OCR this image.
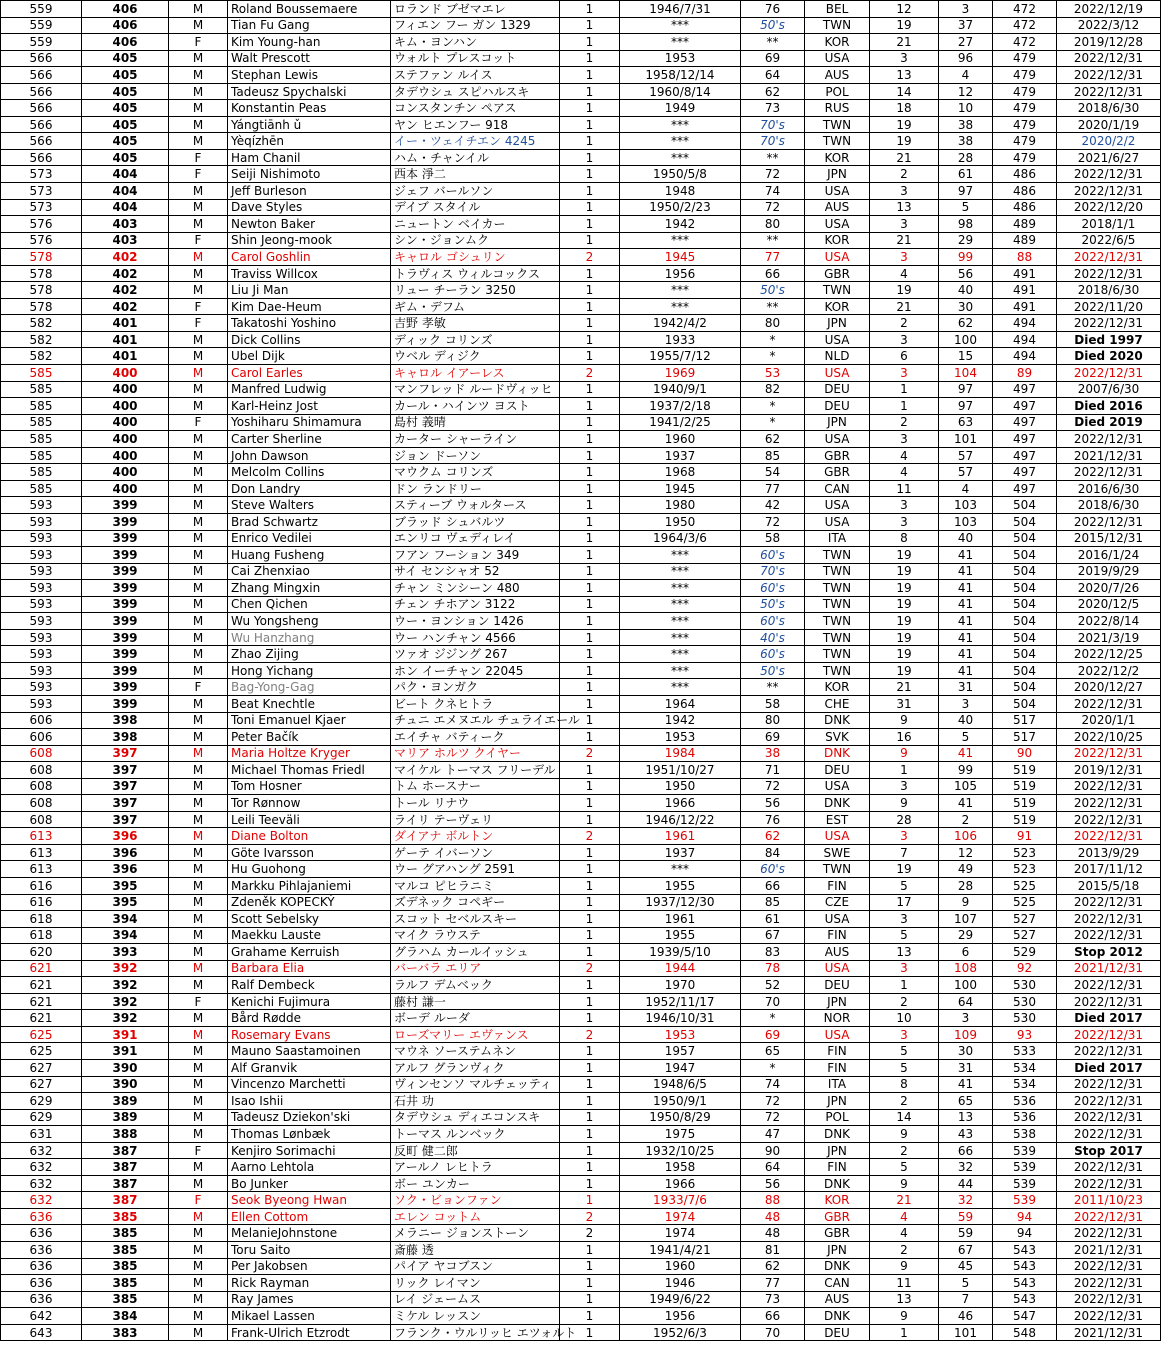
559	406	M	Roland Boussemaere	ロランド ブゼマエレ	1	1946/7/31	76	BEL	12	3	472	2022/12/19
559	406	M	Tian Fu Gang	フィエン フー ガン 1329	1	***	50's	TWN	19	37	472	2022/3/12
559	406	F	Kim Young-han	キム・ヨンハン	1	***	**	KOR	21	27	472	2019/12/28
566	405	M	Walt Prescott	ウォルト プレスコット	1	1953	69	USA	3	96	479	2022/12/31
566	405	M	Stephan Lewis	ステファン ルイス	1	1958/12/14	64	AUS	13	4	479	2022/12/31
566	405	M	Tadeusz Spychalski	タデウシュ スピハルスキ	1	1960/8/14	62	POL	14	12	479	2022/12/31
566	405	M	Konstantin Peas	コンスタンチン ペアス	1	1949	73	RUS	18	10	479	2018/6/30
566	405	M	Yángtiānh ǔ	ヤン ヒエンフー 918	1	***	70's	TWN	19	38	479	2020/1/19
566	405	M	Yèqízhēn	イー・ツェイチエン 4245	1	***	70's	TWN	19	38	479	2020/2/2
566	405	F	Ham Chanil	ハム・チャンイル	1	***	**	KOR	21	28	479	2021/6/27
573	404	F	Seiji Nishimoto	西本 淨二	1	1950/5/8	72	JPN	2	61	486	2022/12/31
573	404	M	Jeff Burleson	ジェフ バールソン	1	1948	74	USA	3	97	486	2022/12/31
573	404	M	Dave Styles	デイブ スタイル	1	1950/2/23	72	AUS	13	5	486	2022/12/20
576	403	M	Newton Baker	ニュートン ベイカー	1	1942	80	USA	3	98	489	2018/1/1
576	403	F	Shin Jeong-mook	シン・ジョンムク	1	***	**	KOR	21	29	489	2022/6/5
578	402	M	Carol Goshlin	キャロル ゴシュリン	2	1945	77	USA	3	99	88	2022/12/31
578	402	M	Traviss Willcox	トラヴィス ウィルコックス	1	1956	66	GBR	4	56	491	2022/12/31
578	402	M	Liu Ji Man	リュー チーラン 3250	1	***	50's	TWN	19	40	491	2018/6/30
578	402	F	Kim Dae-Heum	ギム・デフム	1	***	**	KOR	21	30	491	2022/11/20
582	401	F	Takatoshi Yoshino	吉野 孝敏	1	1942/4/2	80	JPN	2	62	494	2022/12/31
582	401	M	Dick Collins	ディック コリンズ	1	1933	*	USA	3	100	494	Died 1997
582	401	M	Ubel Dijk	ウベル ディジク	1	1955/7/12	*	NLD	6	15	494	Died 2020
585	400	M	Carol Earles	キャロル イアーレス	2	1969	53	USA	3	104	89	2022/12/31
585	400	M	Manfred Ludwig	マンフレッド ルードヴィッヒ	1	1940/9/1	82	DEU	1	97	497	2007/6/30
585	400	M	Karl-Heinz Jost	カール・ハインツ ヨスト	1	1937/2/18	*	DEU	1	97	497	Died 2016
585	400	F	Yoshiharu Shimamura	島村 義晴	1	1941/2/25	*	JPN	2	63	497	Died 2019
585	400	M	Carter Sherline	カーター シャーライン	1	1960	62	USA	3	101	497	2022/12/31
585	400	M	John Dawson	ジョン ドーソン	1	1937	85	GBR	4	57	497	2021/12/31
585	400	M	Melcolm Collins	マウクム コリンズ	1	1968	54	GBR	4	57	497	2022/12/31
585	400	M	Don Landry	ドン ランドリー	1	1945	77	CAN	11	4	497	2016/6/30
593	399	M	Steve Walters	スティーブ ウォルタース	1	1980	42	USA	3	103	504	2018/6/30
593	399	M	Brad Schwartz	ブラッド シュバルツ	1	1950	72	USA	3	103	504	2022/12/31
593	399	M	Enrico Vedilei	エンリコ ヴェディレイ	1	1964/3/6	58	ITA	8	40	504	2015/12/31
593	399	M	Huang Fusheng	フアン フーション 349	1	***	60's	TWN	19	41	504	2016/1/24
593	399	M	Cai Zhenxiao	サイ センシャオ 52	1	***	70's	TWN	19	41	504	2019/9/29
593	399	M	Zhang Mingxin	チャン ミンシーン 480	1	***	60's	TWN	19	41	504	2020/7/26
593	399	M	Chen Qichen	チェン チホアン 3122	1	***	50's	TWN	19	41	504	2020/12/5
593	399	M	Wu Yongsheng	ウー・ヨンション 1426	1	***	60's	TWN	19	41	504	2022/8/14
593	399	M	Wu Hanzhang	ウー ハンチャン 4566	1	***	40's	TWN	19	41	504	2021/3/19
593	399	M	Zhao Zijing	ツァオ ジジング 267	1	***	60's	TWN	19	41	504	2022/12/25
593	399	M	Hong Yichang	ホン イーチャン 22045	1	***	50's	TWN	19	41	504	2022/12/2
593	399	F	Bag-Yong-Gag	パク・ヨンガク	1	***	**	KOR	21	31	504	2020/12/27
593	399	M	Beat Knechtle	ビート クネヒトラ	1	1964	58	CHE	31	3	504	2022/12/31
606	398	M	Toni Emanuel Kjaer	チュニ エメヌエル チュライエール	1	1942	80	DNK	9	40	517	2020/1/1
606	398	M	Peter Bačík	エイチャ バティーク	1	1953	69	SVK	16	5	517	2022/10/25
608	397	M	Maria Holtze Kryger	マリア ホルツ クイヤー	2	1984	38	DNK	9	41	90	2022/12/31
608	397	M	Michael Thomas Friedl	マイケル トーマス フリーデル	1	1951/10/27	71	DEU	1	99	519	2019/12/31
608	397	M	Tom Hosner	トム ホースナー	1	1950	72	USA	3	105	519	2022/12/31
608	397	M	Tor Rønnow	トール リナウ	1	1966	56	DNK	9	41	519	2022/12/31
608	397	M	Leili Teeväli	ライリ テーヴェリ	1	1946/12/22	76	EST	28	2	519	2022/12/31
613	396	M	Diane Bolton	ダイアナ ボルトン	2	1961	62	USA	3	106	91	2022/12/31
613	396	M	Göte Ivarsson	ゲーテ イバーソン	1	1937	84	SWE	7	12	523	2013/9/29
613	396	M	Hu Guohong	ウー グアハング 2591	1	***	60's	TWN	19	49	523	2017/11/12
616	395	M	Markku Pihlajaniemi	マルコ ピヒラニミ	1	1955	66	FIN	5	28	525	2015/5/18
616	395	M	Zdeněk KOPECKÝ	ズデネック コペギー	1	1937/12/30	85	CZE	17	9	525	2022/12/31
618	394	M	Scott Sebelsky	スコット セベルスキー	1	1961	61	USA	3	107	527	2022/12/31
618	394	M	Maekku Lauste	マイク ラウステ	1	1955	67	FIN	5	29	527	2022/12/31
620	393	M	Grahame Kerruish	グラハム カールイッシュ	1	1939/5/10	83	AUS	13	6	529	Stop 2012
621	392	M	Barbara Elia	バーバラ エリア	2	1944	78	USA	3	108	92	2021/12/31
621	392	M	Ralf Dembeck	ラルフ デムベック	1	1970	52	DEU	1	100	530	2022/12/31
621	392	F	Kenichi Fujimura	藤村 謙一	1	1952/11/17	70	JPN	2	64	530	2022/12/31
621	392	M	Bård Rødde	ボーデ ルーダ	1	1946/10/31	*	NOR	10	3	530	Died 2017
625	391	M	Rosemary Evans	ローズマリー エヴァンス	2	1953	69	USA	3	109	93	2022/12/31
625	391	M	Mauno Saastamoinen	マウネ ソーステムネン	1	1957	65	FIN	5	30	533	2022/12/31
627	390	M	Alf Granvik	アルフ グランヴィク	1	1947	*	FIN	5	31	534	Died 2017
627	390	M	Vincenzo Marchetti	ヴィンセンソ マルチェッティ	1	1948/6/5	74	ITA	8	41	534	2022/12/31
629	389	M	Isao Ishii	石井 功	1	1950/9/1	72	JPN	2	65	536	2022/12/31
629	389	M	Tadeusz Dziekon'ski	タデウシュ ディエコンスキ	1	1950/8/29	72	POL	14	13	536	2022/12/31
631	388	M	Thomas Lønbæk	トーマス ルンベック	1	1975	47	DNK	9	43	538	2022/12/31
632	387	F	Kenjiro Sorimachi	反町 健二郎	1	1932/10/25	90	JPN	2	66	539	Stop 2017
632	387	M	Aarno Lehtola	アールノ レヒトラ	1	1958	64	FIN	5	32	539	2022/12/31
632	387	M	Bo Junker	ボー ユンカー	1	1966	56	DNK	9	44	539	2022/12/31
632	387	F	Seok Byeong Hwan	ソク・ビョンファン	1	1933/7/6	88	KOR	21	32	539	2011/10/23
636	385	M	Ellen Cottom	エレン コットム	2	1974	48	GBR	4	59	94	2022/12/31
636	385	M	MelanieJohnstone	メラニー ジョンストーン	2	1974	48	GBR	4	59	94	2022/12/31
636	385	M	Toru Saito	斎藤 透	1	1941/4/21	81	JPN	2	67	543	2021/12/31
636	385	M	Per Jakobsen	パイア ヤコブスン	1	1960	62	DNK	9	45	543	2022/12/31
636	385	M	Rick Rayman	リック レイマン	1	1946	77	CAN	11	5	543	2022/12/31
636	385	M	Ray James	レイ ジェームス	1	1949/6/22	73	AUS	13	7	543	2022/12/31
642	384	M	Mikael Lassen	ミケル レッスン	1	1956	66	DNK	9	46	547	2022/12/31
643	383	M	Frank-Ulrich Etzrodt	フランク・ウルリッヒ エツォルト	1	1952/6/3	70	DEU	1	101	548	2021/12/31
